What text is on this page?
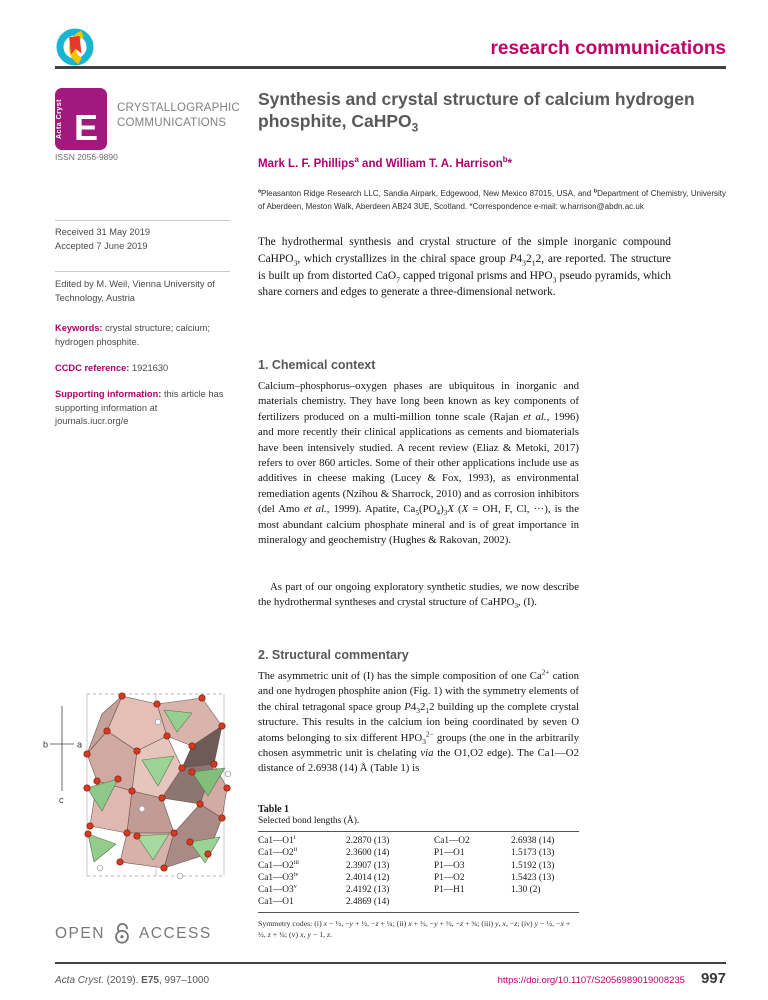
research communications
Acta Cryst E CRYSTALLOGRAPHIC
COMMUNICATIONS
ISSN 2056-9890
Synthesis and crystal structure of calcium hydrogen phosphite, CaHPO$_3$
Mark L. F. Phillips$^a$ and William T. A. Harrison$^b$*
$^a$Pleasanton Ridge Research LLC, Sandia Airpark, Edgewood, New Mexico 87015, USA, and $^b$Department of Chemistry, University of Aberdeen, Meston Walk, Aberdeen AB24 3UE, Scotland. *Correspondence e-mail: w.harrison@abdn.ac.uk

The hydrothermal synthesis and crystal structure of the simple inorganic compound CaHPO$_3$, which crystallizes in the chiral space group $P4_32_12$, are reported. The structure is built up from distorted CaO$_7$ capped trigonal prisms and $HPO_3$ pseudo pyramids, which share corners and edges to generate a three-dimensional network.

Received 31 May 2019
Accepted 7 June 2019
Edited by M. Weil, Vienna University of Technology, Austria
Keywords: crystal structure; calcium; hydrogen phosphite.
CCDC reference: 1921630
Supporting information: this article has supporting information at journals.iucr.org/e
1. Chemical context

Calcium–phosphorus–oxygen phases are ubiquitous in inorganic and materials chemistry. They have long been known as key components of fertilizers produced on a multi-million tonne scale (Rajan et al., 1996) and more recently their clinical applications as cements and biomaterials have been intensively studied. A recent review (Eliaz & Metoki, 2017) refers to over 860 articles. Some of their other applications include use as additives in cheese making (Lucey & Fox, 1993), as environmental remediation agents (Nzihou & Sharrock, 2010) and as corrosion inhibitors (del Amo et al., 1999). Apatite, $Ca_5(PO_4)_3X$ (X = OH, F, Cl, ···), is the most abundant calcium phosphate mineral and is of great importance in mineralogy and geochemistry (Hughes & Rakovan, 2002).

As part of our ongoing exploratory synthetic studies, we now describe the hydrothermal syntheses and crystal structure of CaHPO$_3$, (I).

2. Structural commentary

The asymmetric unit of (I) has the simple composition of one $Ca^{2+}$ cation and one hydrogen phosphite anion (Fig. 1) with the symmetry elements of the chiral tetragonal space group $P4_32_12$ building up the complete crystal structure. This results in the calcium ion being coordinated by seven O atoms belonging to six different $HPO_3^{2-}$ groups (the one in the arbitrarily chosen asymmetric unit is chelating via the O1,O2 edge). The Ca1—O2 distance of 2.6938 (14) Å (Table 1) is

Table 1
Selected bond lengths (Å).
Ca1—O1$^i$	2.2870 (13)	Ca1—O2	2.6938 (14)
Ca1—O2$^{ii}$	2.3600 (14)	P1—O1	1.5173 (13)
Ca1—O2$^{iii}$	2.3907 (13)	P1—O3	1.5192 (13)
Ca1—O3$^{iv}$	2.4014 (12)	P1—O2	1.5423 (13)
Ca1—O3$^v$	2.4192 (13)	P1—H1	1.30 (2)
Ca1—O1	2.4869 (14)		
Symmetry codes: (i) x − ½, −y + ½, −z + ¼; (ii) x + ½, −y + ½, −z + ¾; (iii) y, x, −z; (iv) y − ½, −x + ½, z + ¼; (v) x, y − 1, z.
b	a
c
OPEN ACCESS
Acta Cryst. (2019). E75, 997–1000	https://doi.org/10.1107/S2056989019008235 997
